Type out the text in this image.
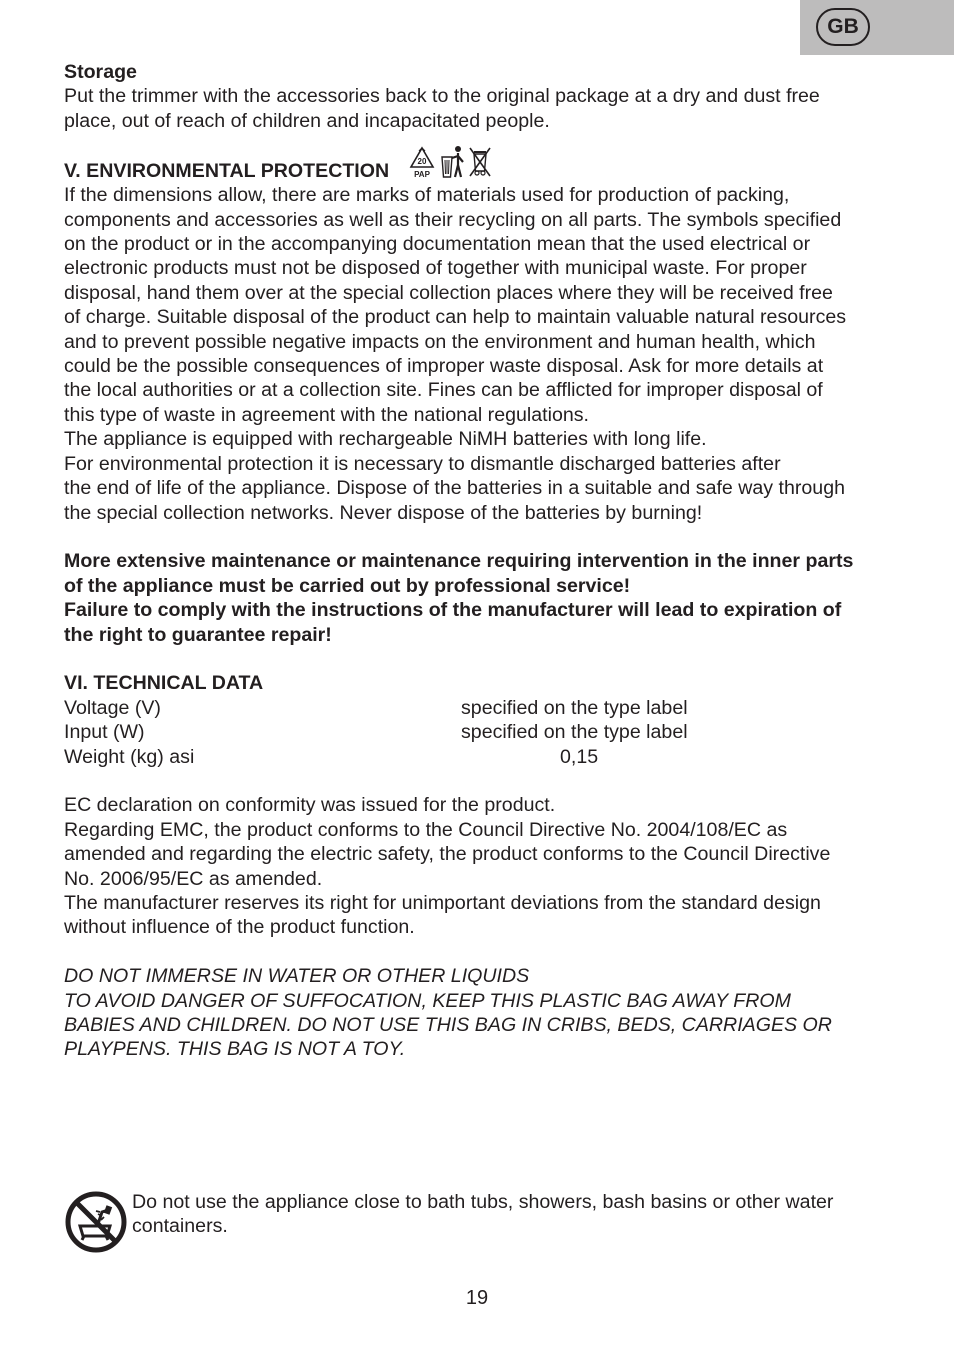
GB

Storage

Put the trimmer with the accessories back to the original package at a dry and dust free

place, out of reach of children and incapacitated people.

V. ENVIRONMENTAL PROTECTION	20
PAP

If the dimensions allow, there are marks of materials used for production of packing,

components and accessories as well as their recycling on all parts. The symbols specified

on the product or in the accompanying documentation mean that the used electrical or

electronic products must not be disposed of together with municipal waste. For proper

disposal, hand them over at the special collection places where they will be received free

of charge. Suitable disposal of the product can help to maintain valuable natural resources

and to prevent possible negative impacts on the environment and human health, which

could be the possible consequences of improper waste disposal. Ask for more details at

the local authorities or at a collection site. Fines can be afflicted for improper disposal of

this type of waste in agreement with the national regulations.

The appliance is equipped with rechargeable NiMH batteries with long life.

For environmental protection it is necessary to dismantle discharged batteries after

the end of life of the appliance. Dispose of the batteries in a suitable and safe way through

the special collection networks. Never dispose of the batteries by burning!

More extensive maintenance or maintenance requiring intervention in the inner parts

of the appliance must be carried out by professional service!

Failure to comply with the instructions of the manufacturer will lead to expiration of

the right to guarantee repair!

VI. TECHNICAL DATA

Voltage (V)	specified on the type label
Input (W)	specified on the type label
Weight (kg) asi	0,15

EC declaration on conformity was issued for the product.

Regarding EMC, the product conforms to the Council Directive No. 2004/108/EC as

amended and regarding the electric safety, the product conforms to the Council Directive

No. 2006/95/EC as amended.

The manufacturer reserves its right for unimportant deviations from the standard design

without influence of the product function.

DO NOT IMMERSE IN WATER OR OTHER LIQUIDS

TO AVOID DANGER OF SUFFOCATION, KEEP THIS PLASTIC BAG AWAY FROM

BABIES AND CHILDREN. DO NOT USE THIS BAG IN CRIBS, BEDS, CARRIAGES OR

PLAYPENS. THIS BAG IS NOT A TOY.

Do not use the appliance close to bath tubs, showers, bash basins or other water

containers.

19
